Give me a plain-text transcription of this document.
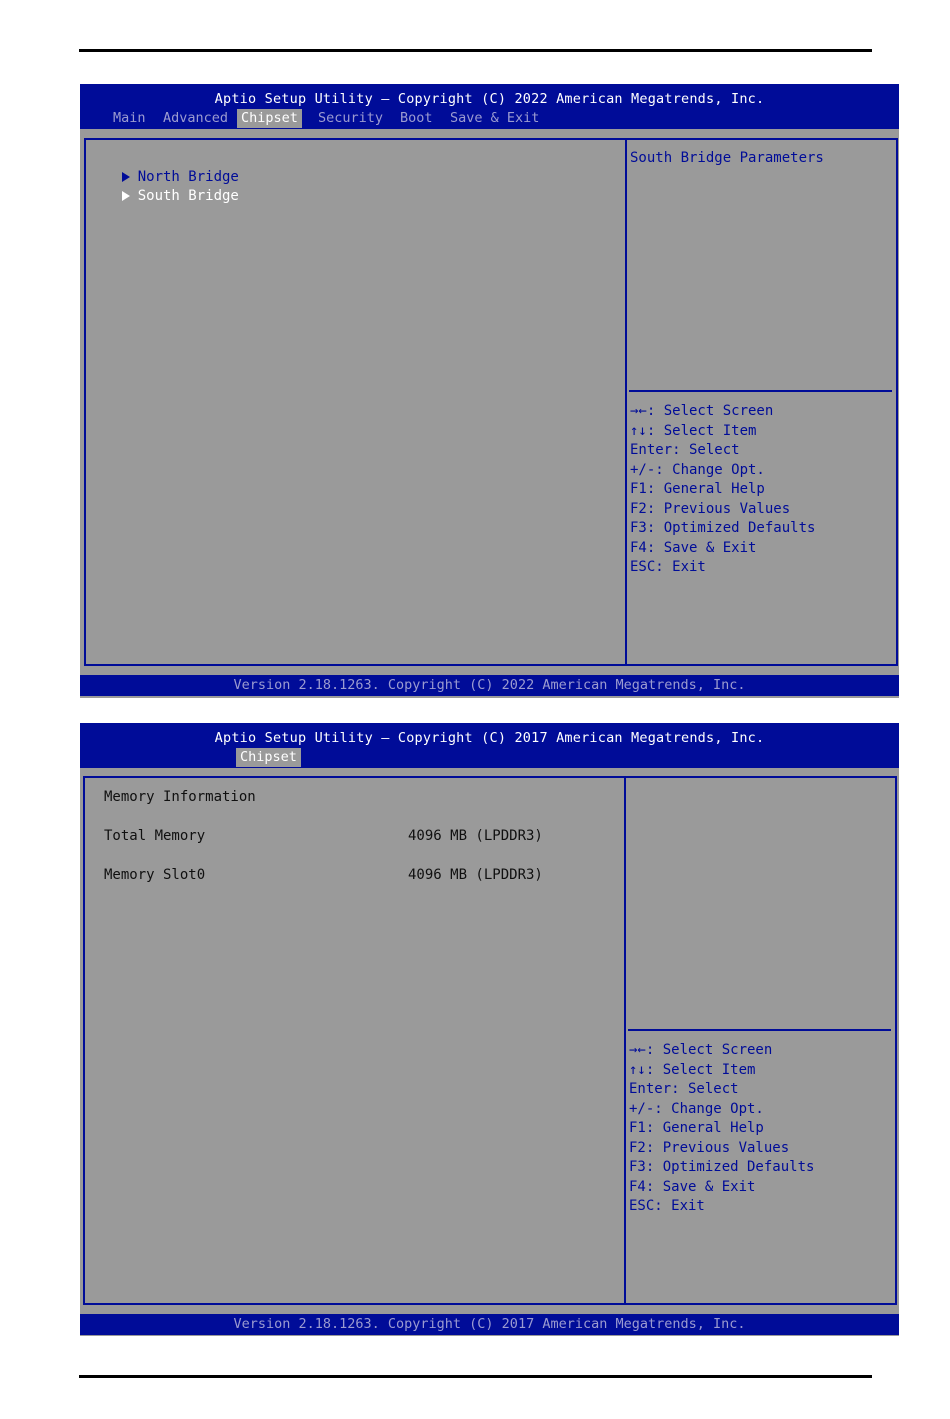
Aptio Setup Utility – Copyright (C) 2022 American Megatrends, Inc.
Main Advanced Chipset Security Boot Save & Exit

North Bridge

South Bridge

South Bridge Parameters
→←: Select Screen
↑↓: Select Item
Enter: Select
+/-: Change Opt.
F1: General Help
F2: Previous Values
F3: Optimized Defaults
F4: Save & Exit
ESC: Exit
Version 2.18.1263. Copyright (C) 2022 American Megatrends, Inc.
Aptio Setup Utility – Copyright (C) 2017 American Megatrends, Inc.
Chipset
Memory Information
Total Memory	4096 MB (LPDDR3)
Memory Slot0	4096 MB (LPDDR3)
→←: Select Screen
↑↓: Select Item
Enter: Select
+/-: Change Opt.
F1: General Help
F2: Previous Values
F3: Optimized Defaults
F4: Save & Exit
ESC: Exit
Version 2.18.1263. Copyright (C) 2017 American Megatrends, Inc.
